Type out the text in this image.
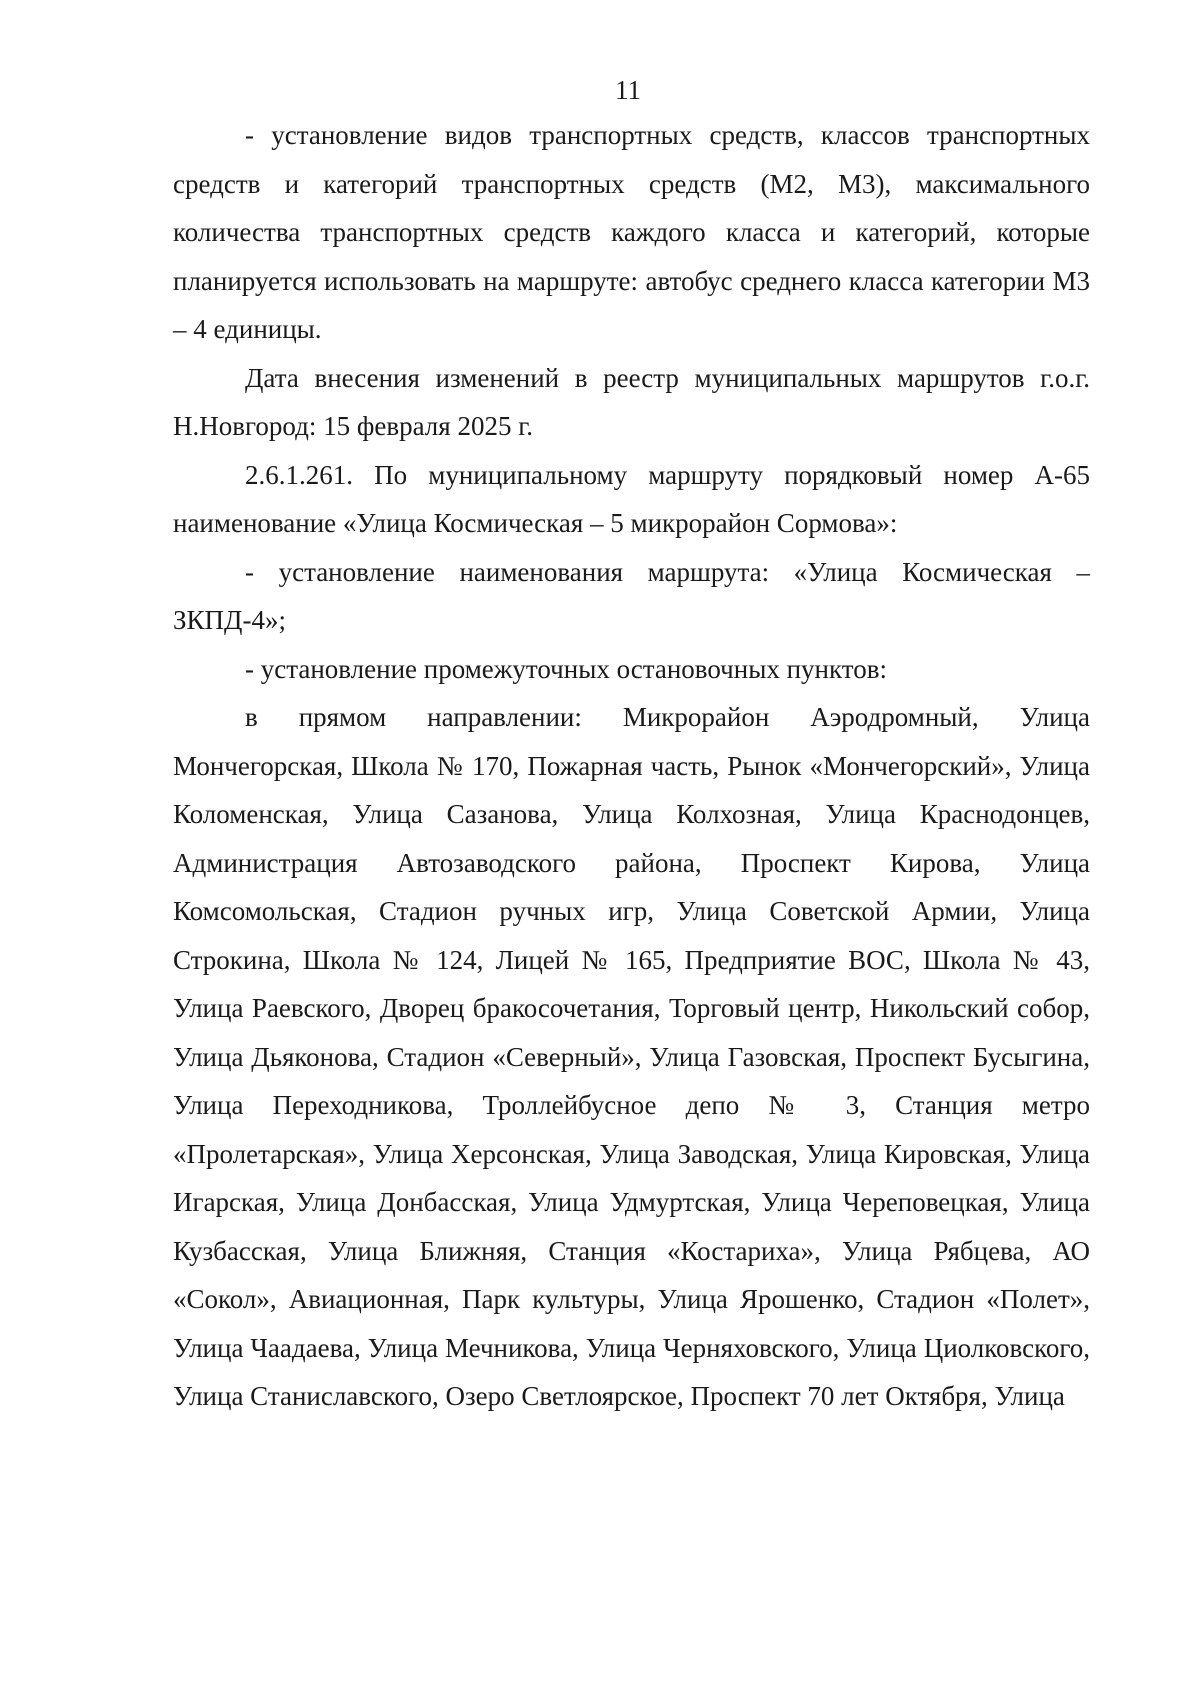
11

- установление видов транспортных средств, классов транспортных средств и категорий транспортных средств (М2, М3), максимального количества транспортных средств каждого класса и категорий, которые планируется использовать на маршруте: автобус среднего класса категории М3 – 4 единицы.

Дата внесения изменений в реестр муниципальных маршрутов г.о.г. Н.Новгород: 15 февраля 2025 г.

2.6.1.261. По муниципальному маршруту порядковый номер А-65 наименование «Улица Космическая – 5 микрорайон Сормова»:

- установление наименования маршрута: «Улица Космическая – ЗКПД-4»;

- установление промежуточных остановочных пунктов:

в прямом направлении: Микрорайон Аэродромный, Улица Мончегорская, Школа № 170, Пожарная часть, Рынок «Мончегорский», Улица Коломенская, Улица Сазанова, Улица Колхозная, Улица Краснодонцев, Администрация Автозаводского района, Проспект Кирова, Улица Комсомольская, Стадион ручных игр, Улица Советской Армии, Улица Строкина, Школа № 124, Лицей № 165, Предприятие ВОС, Школа № 43, Улица Раевского, Дворец бракосочетания, Торговый центр, Никольский собор, Улица Дьяконова, Стадион «Северный», Улица Газовская, Проспект Бусыгина, Улица Переходникова, Троллейбусное депо № 3, Станция метро «Пролетарская», Улица Херсонская, Улица Заводская, Улица Кировская, Улица Игарская, Улица Донбасская, Улица Удмуртская, Улица Череповецкая, Улица Кузбасская, Улица Ближняя, Станция «Костариха», Улица Рябцева, АО «Сокол», Авиационная, Парк культуры, Улица Ярошенко, Стадион «Полет», Улица Чаадаева, Улица Мечникова, Улица Черняховского, Улица Циолковского, Улица Станиславского, Озеро Светлоярское, Проспект 70 лет Октября, Улица
